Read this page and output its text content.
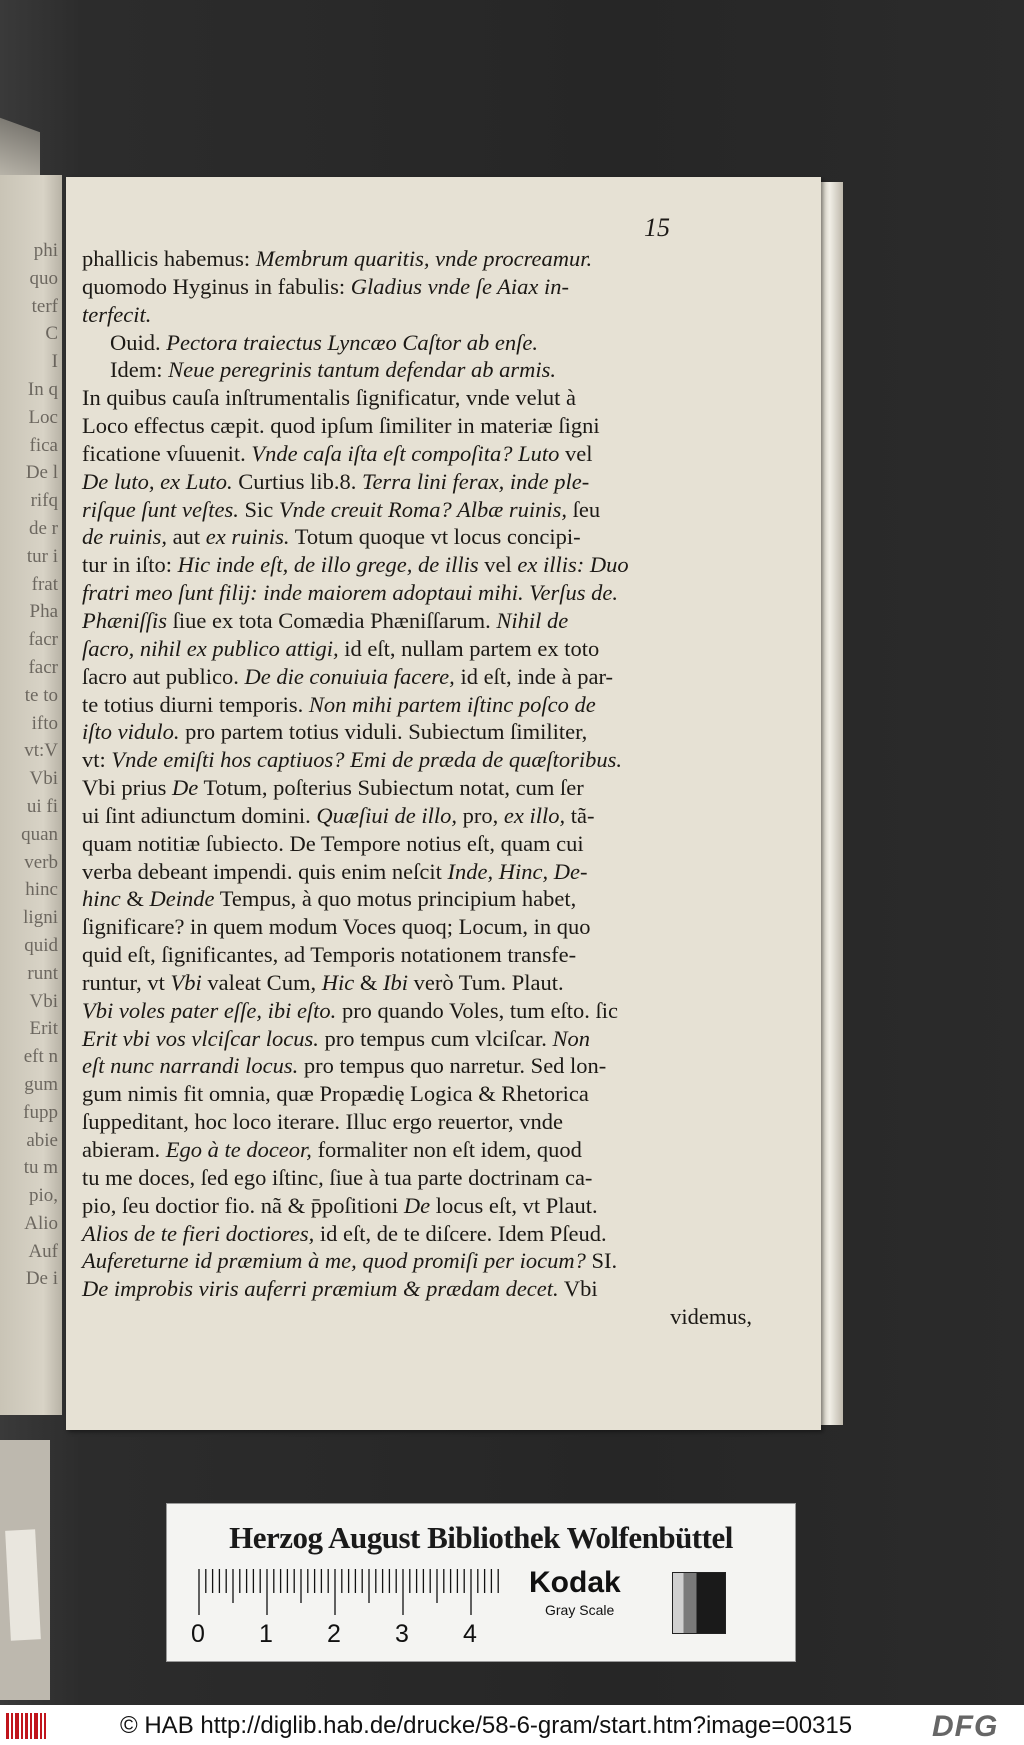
phi
quo
terf
C
I
In q
Loc
fica
De l
rifq
de r
tur i
frat
Pha
facr
facr
te to
ifto
vt:V
Vbi
ui fi
quan
verb
hinc
ligni
quid
runt
Vbi
Erit
eft n
gum
fupp
abie
tu m
pio,
Alio
Auf
De i
15
phallicis habemus: Membrum quaritis, vnde procreamur.
quomodo Hyginus in fabulis: Gladius vnde ſe Aiax in-
terfecit.
Ouid. Pectora traiectus Lyncæo Caſtor ab enſe.
Idem: Neue peregrinis tantum defendar ab armis.
In quibus cauſa inſtrumentalis ſignificatur, vnde velut à
Loco effectus cæpit. quod ipſum ſimiliter in materiæ ſigni
ficatione vſuuenit. Vnde caſa iſta eſt compoſita? Luto vel
De luto, ex Luto. Curtius lib.8. Terra lini ferax, inde ple-
riſque ſunt veſtes. Sic Vnde creuit Roma? Albæ ruinis, ſeu
de ruinis, aut ex ruinis. Totum quoque vt locus concipi-
tur in iſto: Hic inde eſt, de illo grege, de illis vel ex illis: Duo
fratri meo ſunt filij: inde maiorem adoptaui mihi. Verſus de.
Phæniſſis ſiue ex tota Comædia Phæniſſarum. Nihil de
ſacro, nihil ex publico attigi, id eſt, nullam partem ex toto
ſacro aut publico. De die conuiuia facere, id eſt, inde à par-
te totius diurni temporis. Non mihi partem iſtinc poſco de
iſto vidulo. pro partem totius viduli. Subiectum ſimiliter,
vt: Vnde emiſti hos captiuos? Emi de præda de quæſtoribus.
Vbi prius De Totum, poſterius Subiectum notat, cum ſer
ui ſint adiunctum domini. Quæſiui de illo, pro, ex illo, tã-
quam notitiæ ſubiecto. De Tempore notius eſt, quam cui
verba debeant impendi. quis enim neſcit Inde, Hinc, De-
hinc & Deinde Tempus, à quo motus principium habet,
ſignificare? in quem modum Voces quoq; Locum, in quo
quid eſt, ſignificantes, ad Temporis notationem transfe-
runtur, vt Vbi valeat Cum, Hic & Ibi verò Tum. Plaut.
Vbi voles pater eſſe, ibi eſto. pro quando Voles, tum eſto. ſic
Erit vbi vos vlciſcar locus. pro tempus cum vlciſcar. Non
eſt nunc narrandi locus. pro tempus quo narretur. Sed lon-
gum nimis fit omnia, quæ Propædię Logica & Rhetorica
ſuppeditant, hoc loco iterare. Illuc ergo reuertor, vnde
abieram. Ego à te doceor, formaliter non eſt idem, quod
tu me doces, ſed ego iſtinc, ſiue à tua parte doctrinam ca-
pio, ſeu doctior fio. nã & p̄poſitioni De locus eſt, vt Plaut.
Alios de te fieri doctiores, id eſt, de te diſcere. Idem Pſeud.
Aufereturne id præmium à me, quod promiſi per iocum? SI.
De improbis viris auferri præmium & prædam decet. Vbi
videmus,
Herzog August Bibliothek Wolfenbüttel
0 1 2 3 4
Kodak
Gray Scale
© HAB http://diglib.hab.de/drucke/58-6-gram/start.htm?image=00315	DFG
